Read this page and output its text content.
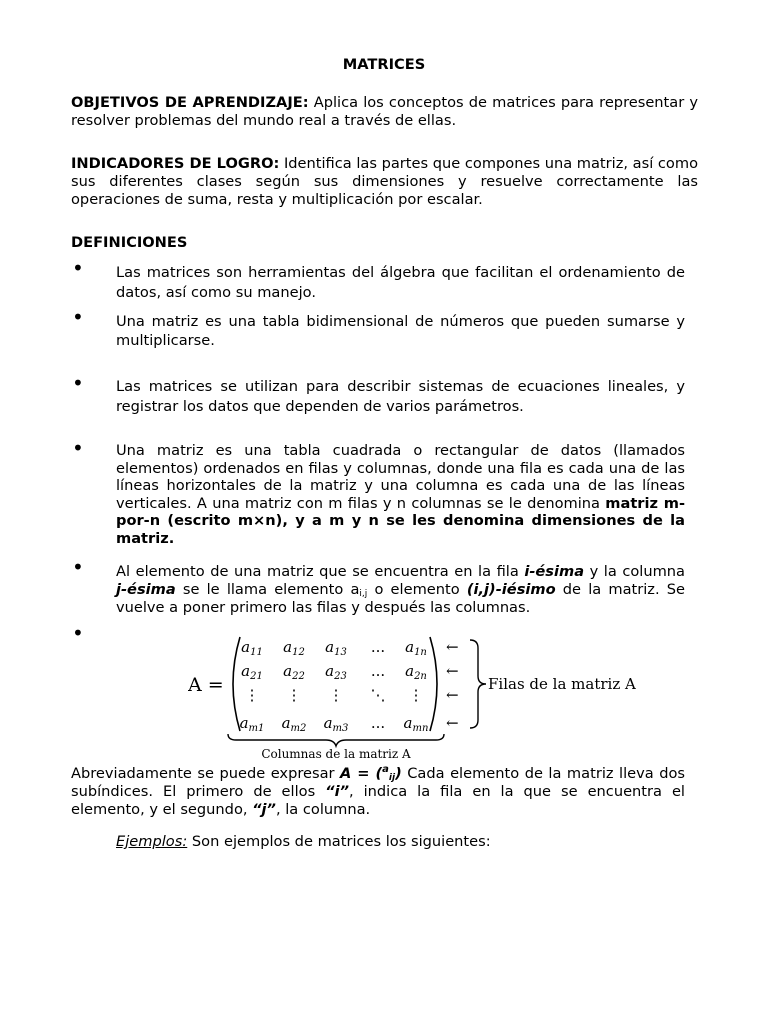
MATRICES
OBJETIVOS DE APRENDIZAJE: Aplica los conceptos de matrices para representar y resolver problemas del mundo real a través de ellas.
INDICADORES DE LOGRO: Identifica las partes que compones una matriz, así como sus diferentes clases según sus dimensiones y resuelve correctamente las operaciones de suma, resta y multiplicación por escalar.
DEFINICIONES
• Las matrices son herramientas del álgebra que facilitan el ordenamiento de datos, así como su manejo.
• Una matriz es una tabla bidimensional de números que pueden sumarse y multiplicarse.
• Las matrices se utilizan para describir sistemas de ecuaciones lineales, y registrar los datos que dependen de varios parámetros.
• Una matriz es una tabla cuadrada o rectangular de datos (llamados elementos) ordenados en filas y columnas, donde una fila es cada una de las líneas horizontales de la matriz y una columna es cada una de las líneas verticales. A una matriz con m filas y n columnas se le denomina matriz m-por-n (escrito m×n), y a m y n se les denomina dimensiones de la matriz.
• Al elemento de una matriz que se encuentra en la fila i-ésima y la columna j-ésima se le llama elemento $a_{i,j}$ o elemento (i,j)-iésimo de la matriz. Se vuelve a poner primero las filas y después las columnas.
•
A =
$a_{11}$ $a_{12}$ $a_{13}$ ... $a_{1n}$
$a_{21}$ $a_{22}$ $a_{23}$ ... $a_{2n}$
⋮ ⋮ ⋮ ⋱ ⋮
$a_{m1}$ $a_{m2}$ $a_{m3}$ ... $a_{mn}$
←
←
←
←
Filas de la matriz A
Columnas de la matriz A
Abreviadamente se puede expresar A = ($^a_{ij}$) Cada elemento de la matriz lleva dos subíndices. El primero de ellos “i”, indica la fila en la que se encuentra el elemento, y el segundo, “j”, la columna.
Ejemplos: Son ejemplos de matrices los siguientes:
